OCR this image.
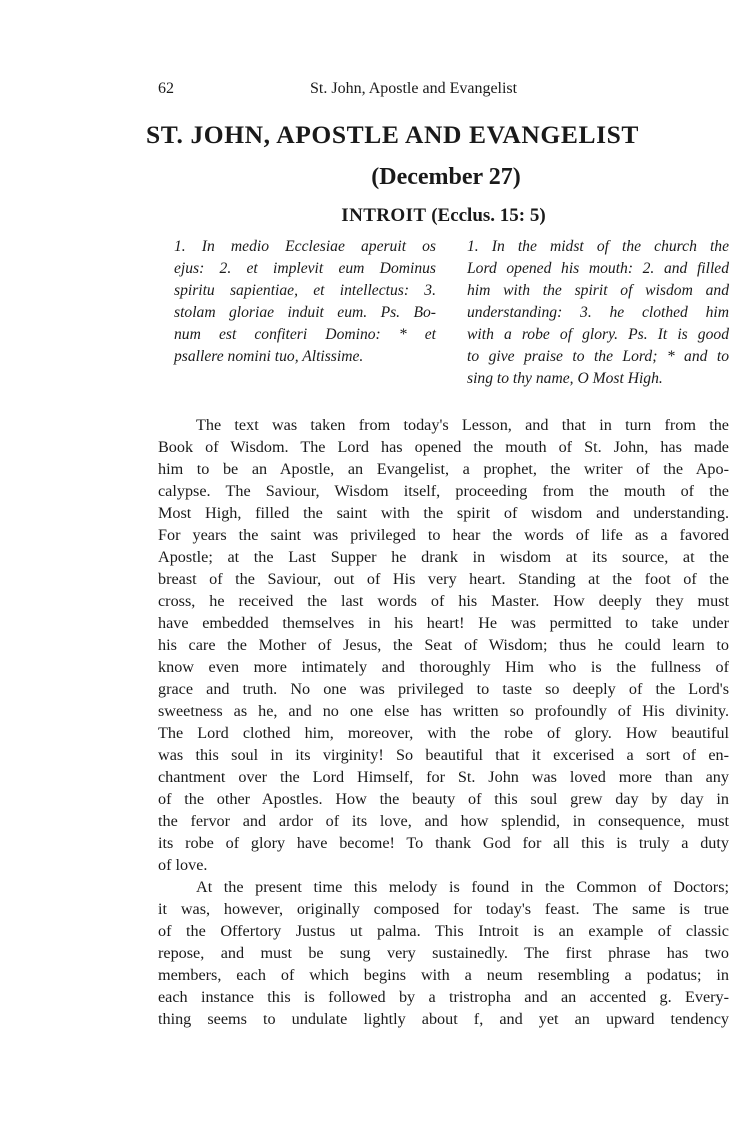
62	St. John, Apostle and Evangelist
ST. JOHN, APOSTLE AND EVANGELIST
(December 27)
INTROIT (Ecclus. 15: 5)
1. In medio Ecclesiae aperuit os
ejus: 2. et implevit eum Dominus
spiritu sapientiae, et intellectus: 3.
stolam gloriae induit eum. Ps. Bo-
num est confiteri Domino: * et
psallere nomini tuo, Altissime.
1. In the midst of the church the
Lord opened his mouth: 2. and filled
him with the spirit of wisdom and
understanding: 3. he clothed him
with a robe of glory. Ps. It is good
to give praise to the Lord; * and to
sing to thy name, O Most High.
The text was taken from today's Lesson, and that in turn from the
Book of Wisdom. The Lord has opened the mouth of St. John, has made
him to be an Apostle, an Evangelist, a prophet, the writer of the Apo-
calypse. The Saviour, Wisdom itself, proceeding from the mouth of the
Most High, filled the saint with the spirit of wisdom and understanding.
For years the saint was privileged to hear the words of life as a favored
Apostle; at the Last Supper he drank in wisdom at its source, at the
breast of the Saviour, out of His very heart. Standing at the foot of the
cross, he received the last words of his Master. How deeply they must
have embedded themselves in his heart! He was permitted to take under
his care the Mother of Jesus, the Seat of Wisdom; thus he could learn to
know even more intimately and thoroughly Him who is the fullness of
grace and truth. No one was privileged to taste so deeply of the Lord's
sweetness as he, and no one else has written so profoundly of His divinity.
The Lord clothed him, moreover, with the robe of glory. How beautiful
was this soul in its virginity! So beautiful that it excerised a sort of en-
chantment over the Lord Himself, for St. John was loved more than any
of the other Apostles. How the beauty of this soul grew day by day in
the fervor and ardor of its love, and how splendid, in consequence, must
its robe of glory have become! To thank God for all this is truly a duty
of love.
At the present time this melody is found in the Common of Doctors;
it was, however, originally composed for today's feast. The same is true
of the Offertory Justus ut palma. This Introit is an example of classic
repose, and must be sung very sustainedly. The first phrase has two
members, each of which begins with a neum resembling a podatus; in
each instance this is followed by a tristropha and an accented g. Every-
thing seems to undulate lightly about f, and yet an upward tendency
